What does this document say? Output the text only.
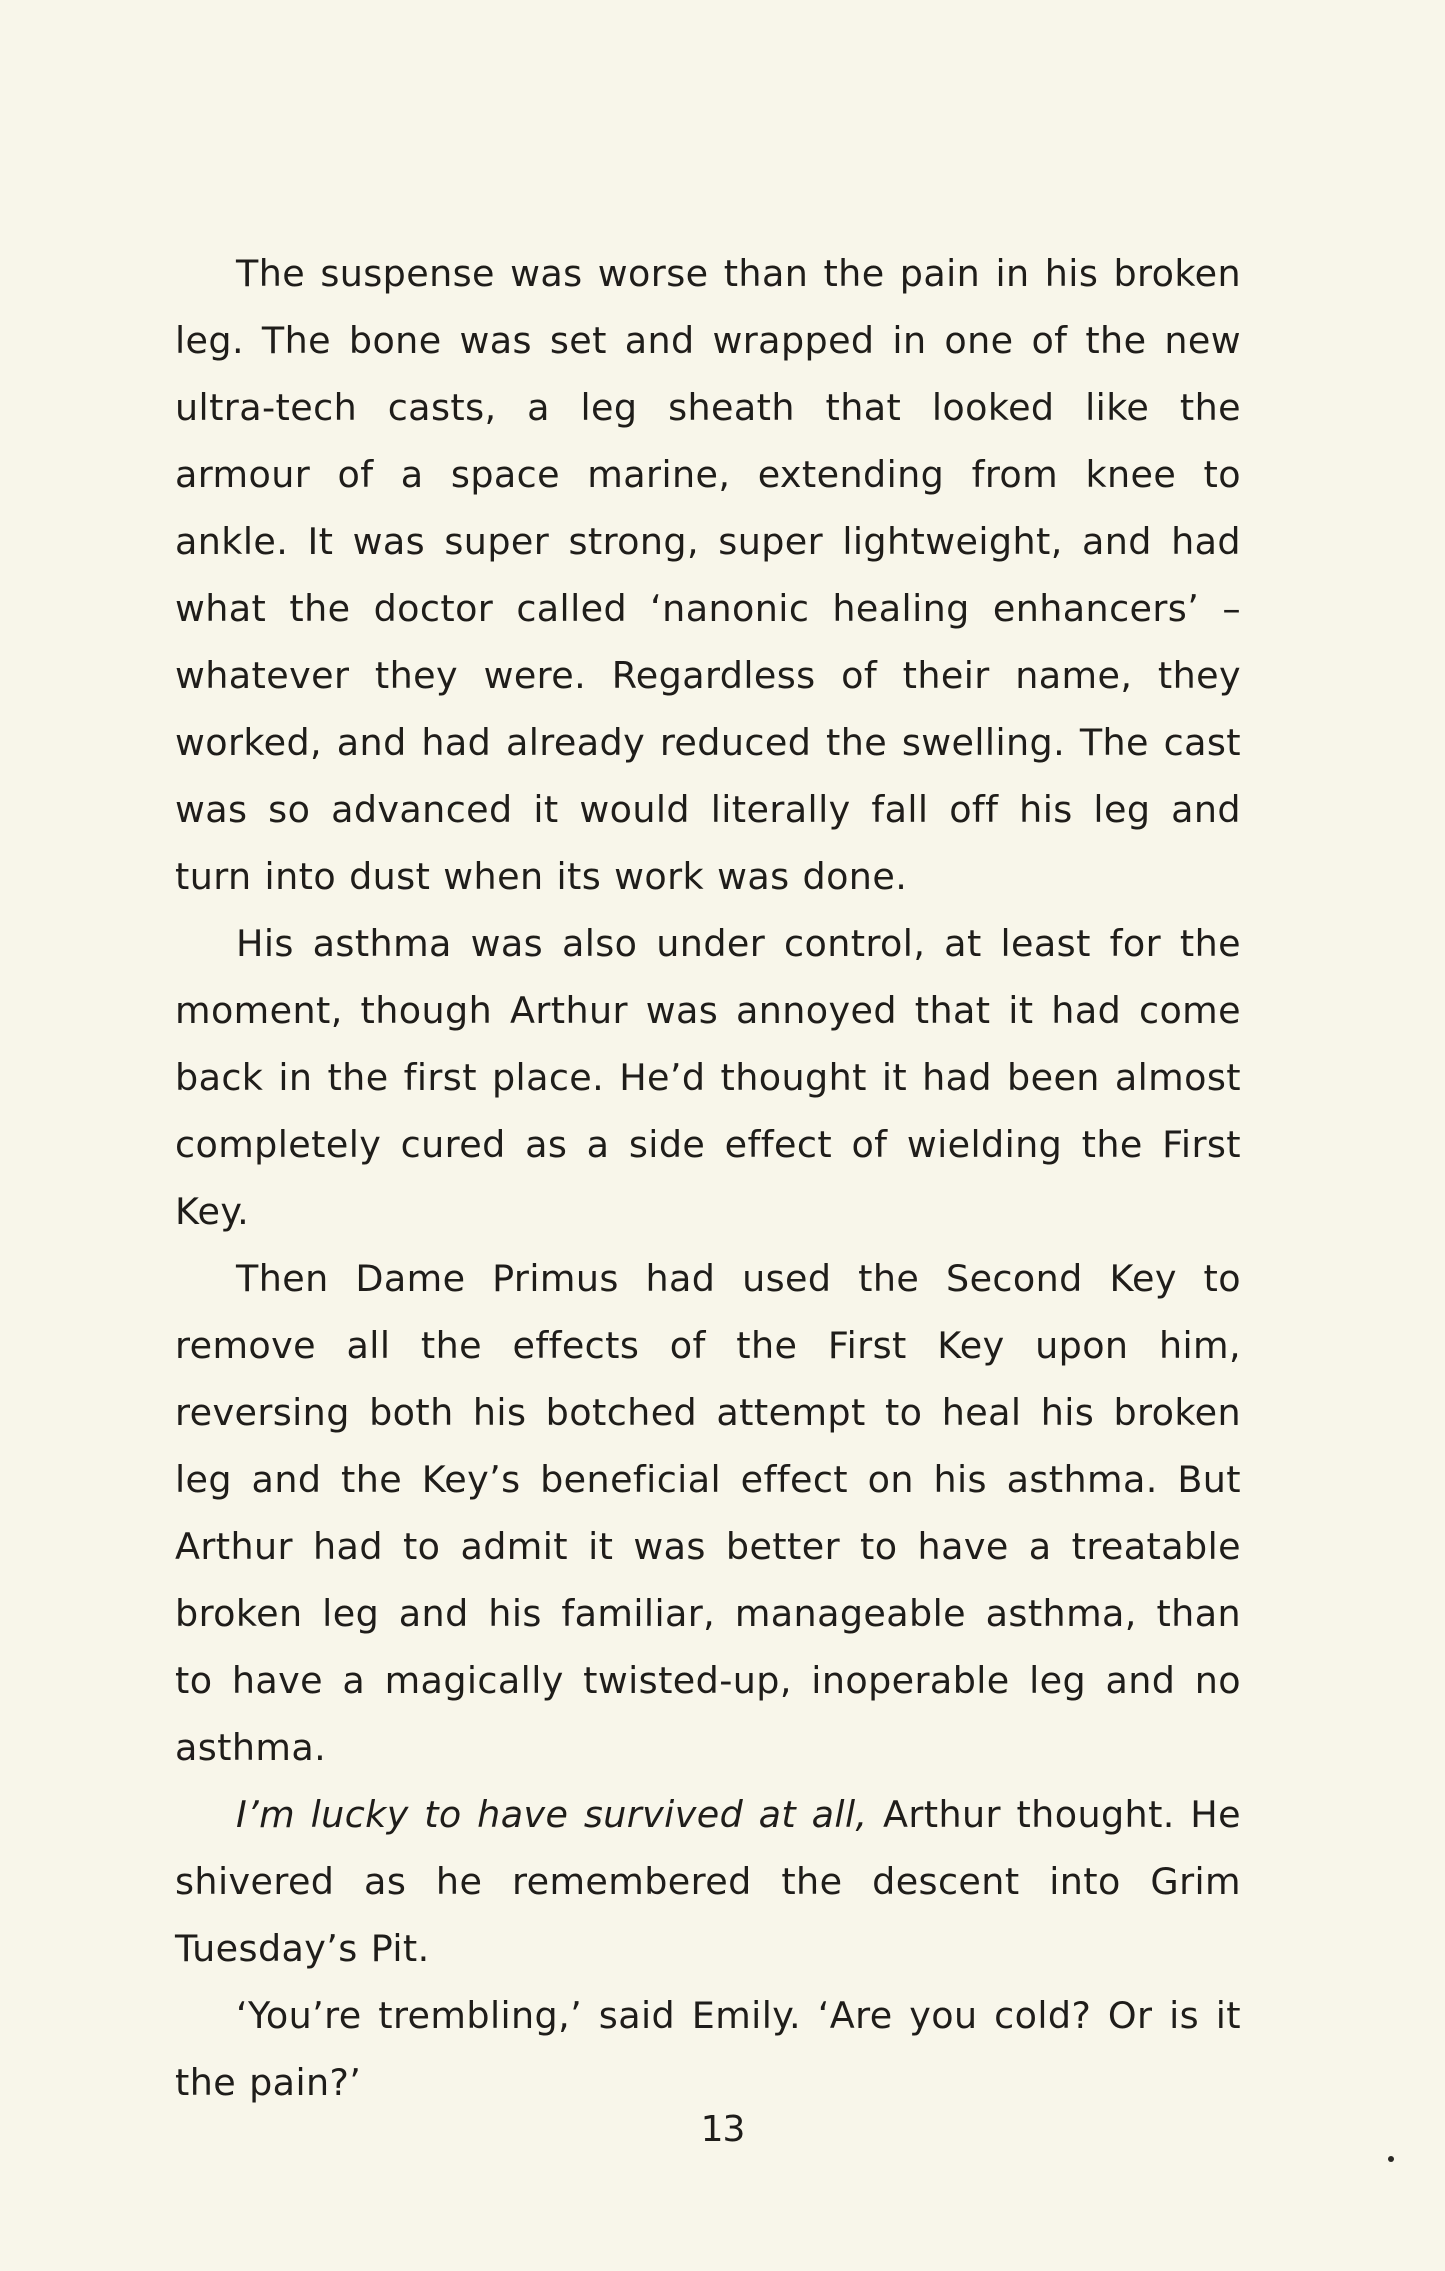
The suspense was worse than the pain in his broken leg. The bone was set and wrapped in one of the new ultra-tech casts, a leg sheath that looked like the armour of a space marine, extending from knee to ankle. It was super strong, super lightweight, and had what the doctor called ‘nanonic healing enhancers’ – whatever they were. Regardless of their name, they worked, and had already reduced the swelling. The cast was so advanced it would literally fall off his leg and turn into dust when its work was done.

His asthma was also under control, at least for the moment, though Arthur was annoyed that it had come back in the first place. He’d thought it had been almost completely cured as a side effect of wielding the First Key.

Then Dame Primus had used the Second Key to remove all the effects of the First Key upon him, reversing both his botched attempt to heal his broken leg and the Key’s beneficial effect on his asthma. But Arthur had to admit it was better to have a treatable broken leg and his familiar, manageable asthma, than to have a magically twisted-up, inoperable leg and no asthma.

I’m lucky to have survived at all, Arthur thought. He shivered as he remembered the descent into Grim Tuesday’s Pit.

‘You’re trembling,’ said Emily. ‘Are you cold? Or is it the pain?’

13
